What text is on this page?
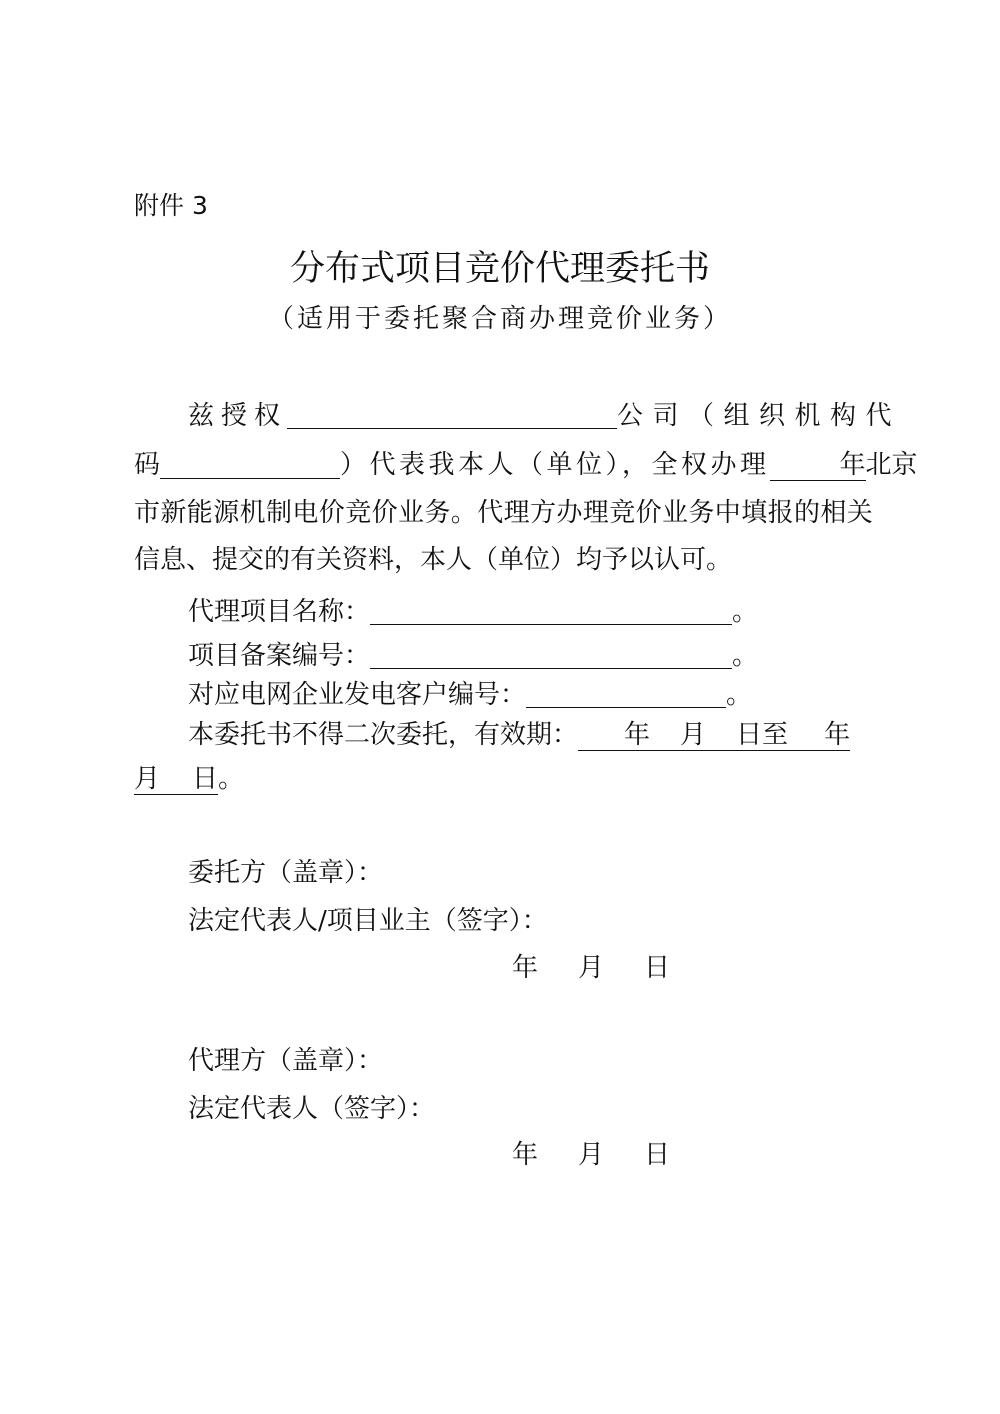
附件 3
分布式项目竞价代理委托书
（适用于委托聚合商办理竞价业务）
兹授权	公司（组织机构代
码	）代表我本人（单位），全权办理	年北京
市新能源机制电价竞价业务。代理方办理竞价业务中填报的相关
信息、提交的有关资料，本人（单位）均予以认可。
代理项目名称：	。
项目备案编号：	。
对应电网企业发电客户编号：	。
本委托书不得二次委托，有效期： 年 月 日至 年
月 日。
委托方（盖章）：
法定代表人/项目业主（签字）：
年 月 日
代理方（盖章）：
法定代表人（签字）：
年 月 日
